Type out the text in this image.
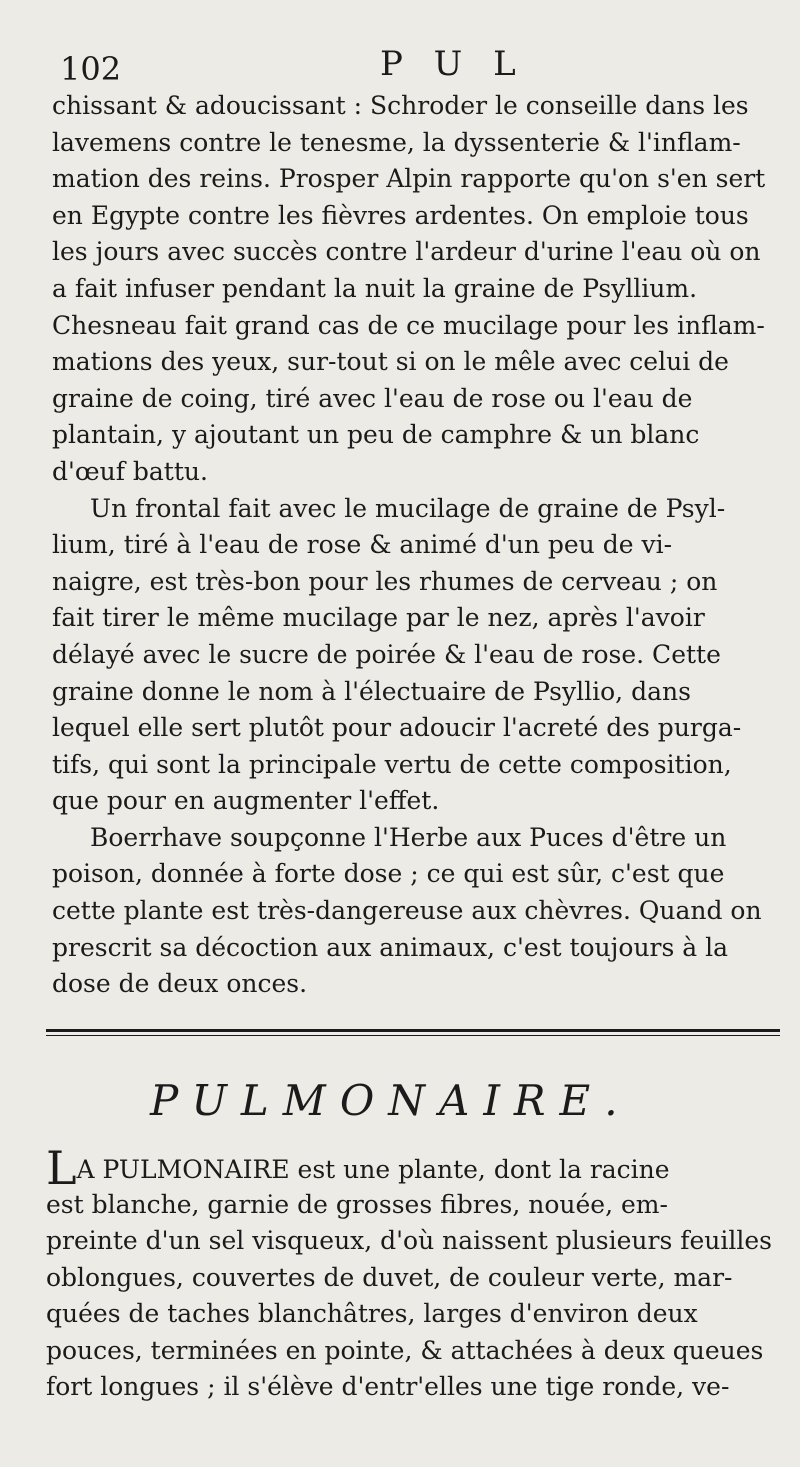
102	P U L
chissant & adoucissant : Schroder le conseille dans les
lavemens contre le tenesme, la dyssenterie & l'inflam-
mation des reins. Prosper Alpin rapporte qu'on s'en sert
en Egypte contre les fièvres ardentes. On emploie tous
les jours avec succès contre l'ardeur d'urine l'eau où on
a fait infuser pendant la nuit la graine de Psyllium.
Chesneau fait grand cas de ce mucilage pour les inflam-
mations des yeux, sur-tout si on le mêle avec celui de
graine de coing, tiré avec l'eau de rose ou l'eau de
plantain, y ajoutant un peu de camphre & un blanc
d'œuf battu.
Un frontal fait avec le mucilage de graine de Psyl-
lium, tiré à l'eau de rose & animé d'un peu de vi-
naigre, est très-bon pour les rhumes de cerveau ; on
fait tirer le même mucilage par le nez, après l'avoir
délayé avec le sucre de poirée & l'eau de rose. Cette
graine donne le nom à l'électuaire de Psyllio, dans
lequel elle sert plutôt pour adoucir l'acreté des purga-
tifs, qui sont la principale vertu de cette composition,
que pour en augmenter l'effet.
Boerrhave soupçonne l'Herbe aux Puces d'être un
poison, donnée à forte dose ; ce qui est sûr, c'est que
cette plante est très-dangereuse aux chèvres. Quand on
prescrit sa décoction aux animaux, c'est toujours à la
dose de deux onces.
PULMONAIRE.
LA PULMONAIRE est une plante, dont la racine
est blanche, garnie de grosses fibres, nouée, em-
preinte d'un sel visqueux, d'où naissent plusieurs feuilles
oblongues, couvertes de duvet, de couleur verte, mar-
quées de taches blanchâtres, larges d'environ deux
pouces, terminées en pointe, & attachées à deux queues
fort longues ; il s'élève d'entr'elles une tige ronde, ve-
